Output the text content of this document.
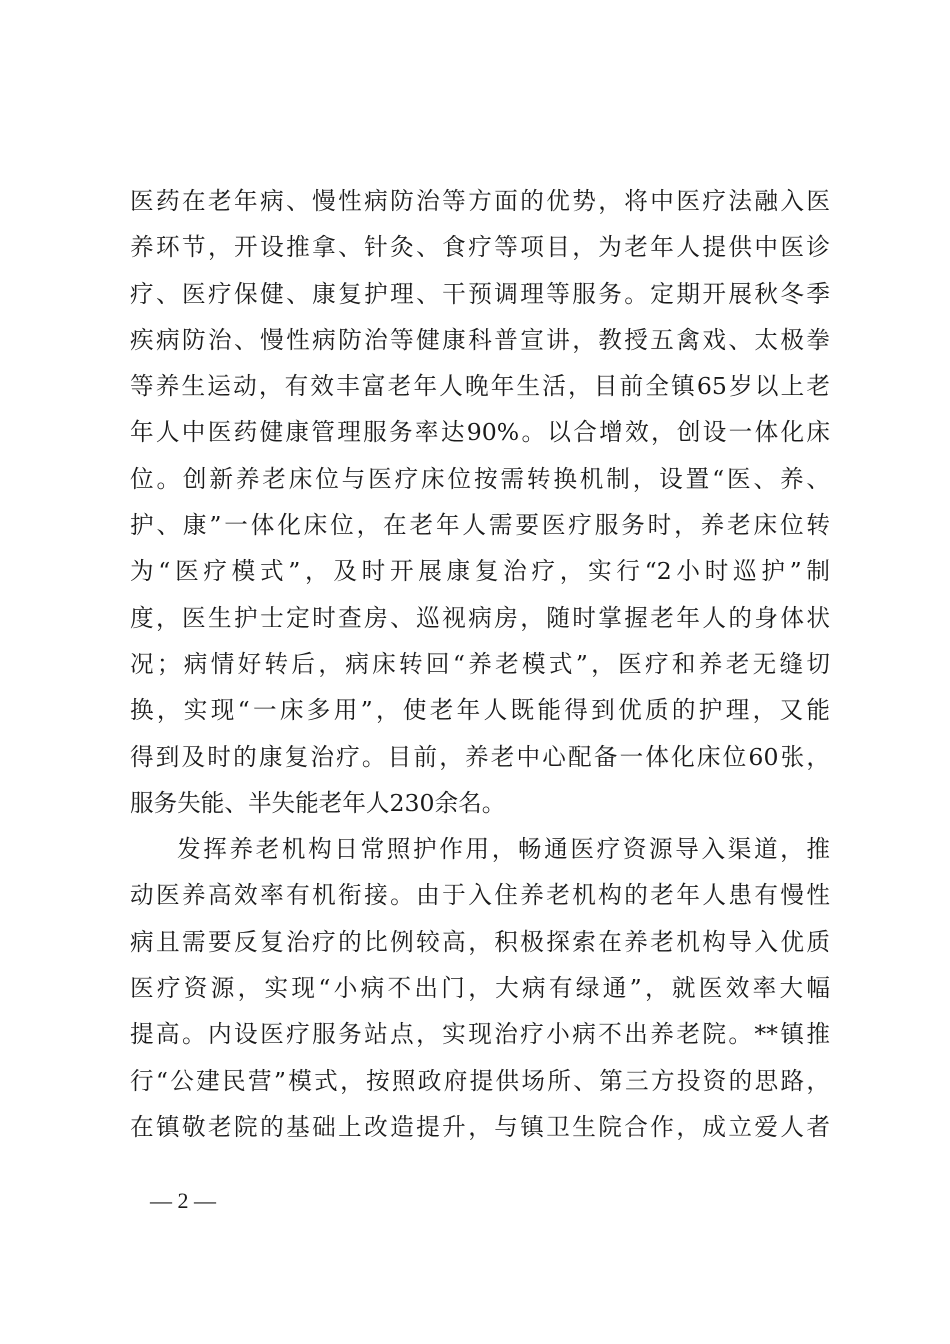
医药在老年病、慢性病防治等方面的优势，将中医疗法融入医
养环节，开设推拿、针灸、食疗等项目，为老年人提供中医诊
疗、医疗保健、康复护理、干预调理等服务。定期开展秋冬季
疾病防治、慢性病防治等健康科普宣讲，教授五禽戏、太极拳
等养生运动，有效丰富老年人晚年生活，目前全镇65岁以上老
年人中医药健康管理服务率达90%。以合增效，创设一体化床
位。创新养老床位与医疗床位按需转换机制，设置“医、养、
护、康”一体化床位，在老年人需要医疗服务时，养老床位转
为“医疗模式”，及时开展康复治疗，实行“2小时巡护”制
度，医生护士定时查房、巡视病房，随时掌握老年人的身体状
况；病情好转后，病床转回“养老模式”，医疗和养老无缝切
换，实现“一床多用”，使老年人既能得到优质的护理，又能
得到及时的康复治疗。目前，养老中心配备一体化床位60张，
服务失能、半失能老年人230余名。
发挥养老机构日常照护作用，畅通医疗资源导入渠道，推
动医养高效率有机衔接。由于入住养老机构的老年人患有慢性
病且需要反复治疗的比例较高，积极探索在养老机构导入优质
医疗资源，实现“小病不出门，大病有绿通”，就医效率大幅
提高。内设医疗服务站点，实现治疗小病不出养老院。**镇推
行“公建民营”模式，按照政府提供场所、第三方投资的思路，
在镇敬老院的基础上改造提升，与镇卫生院合作，成立爱人者
— 2 —
